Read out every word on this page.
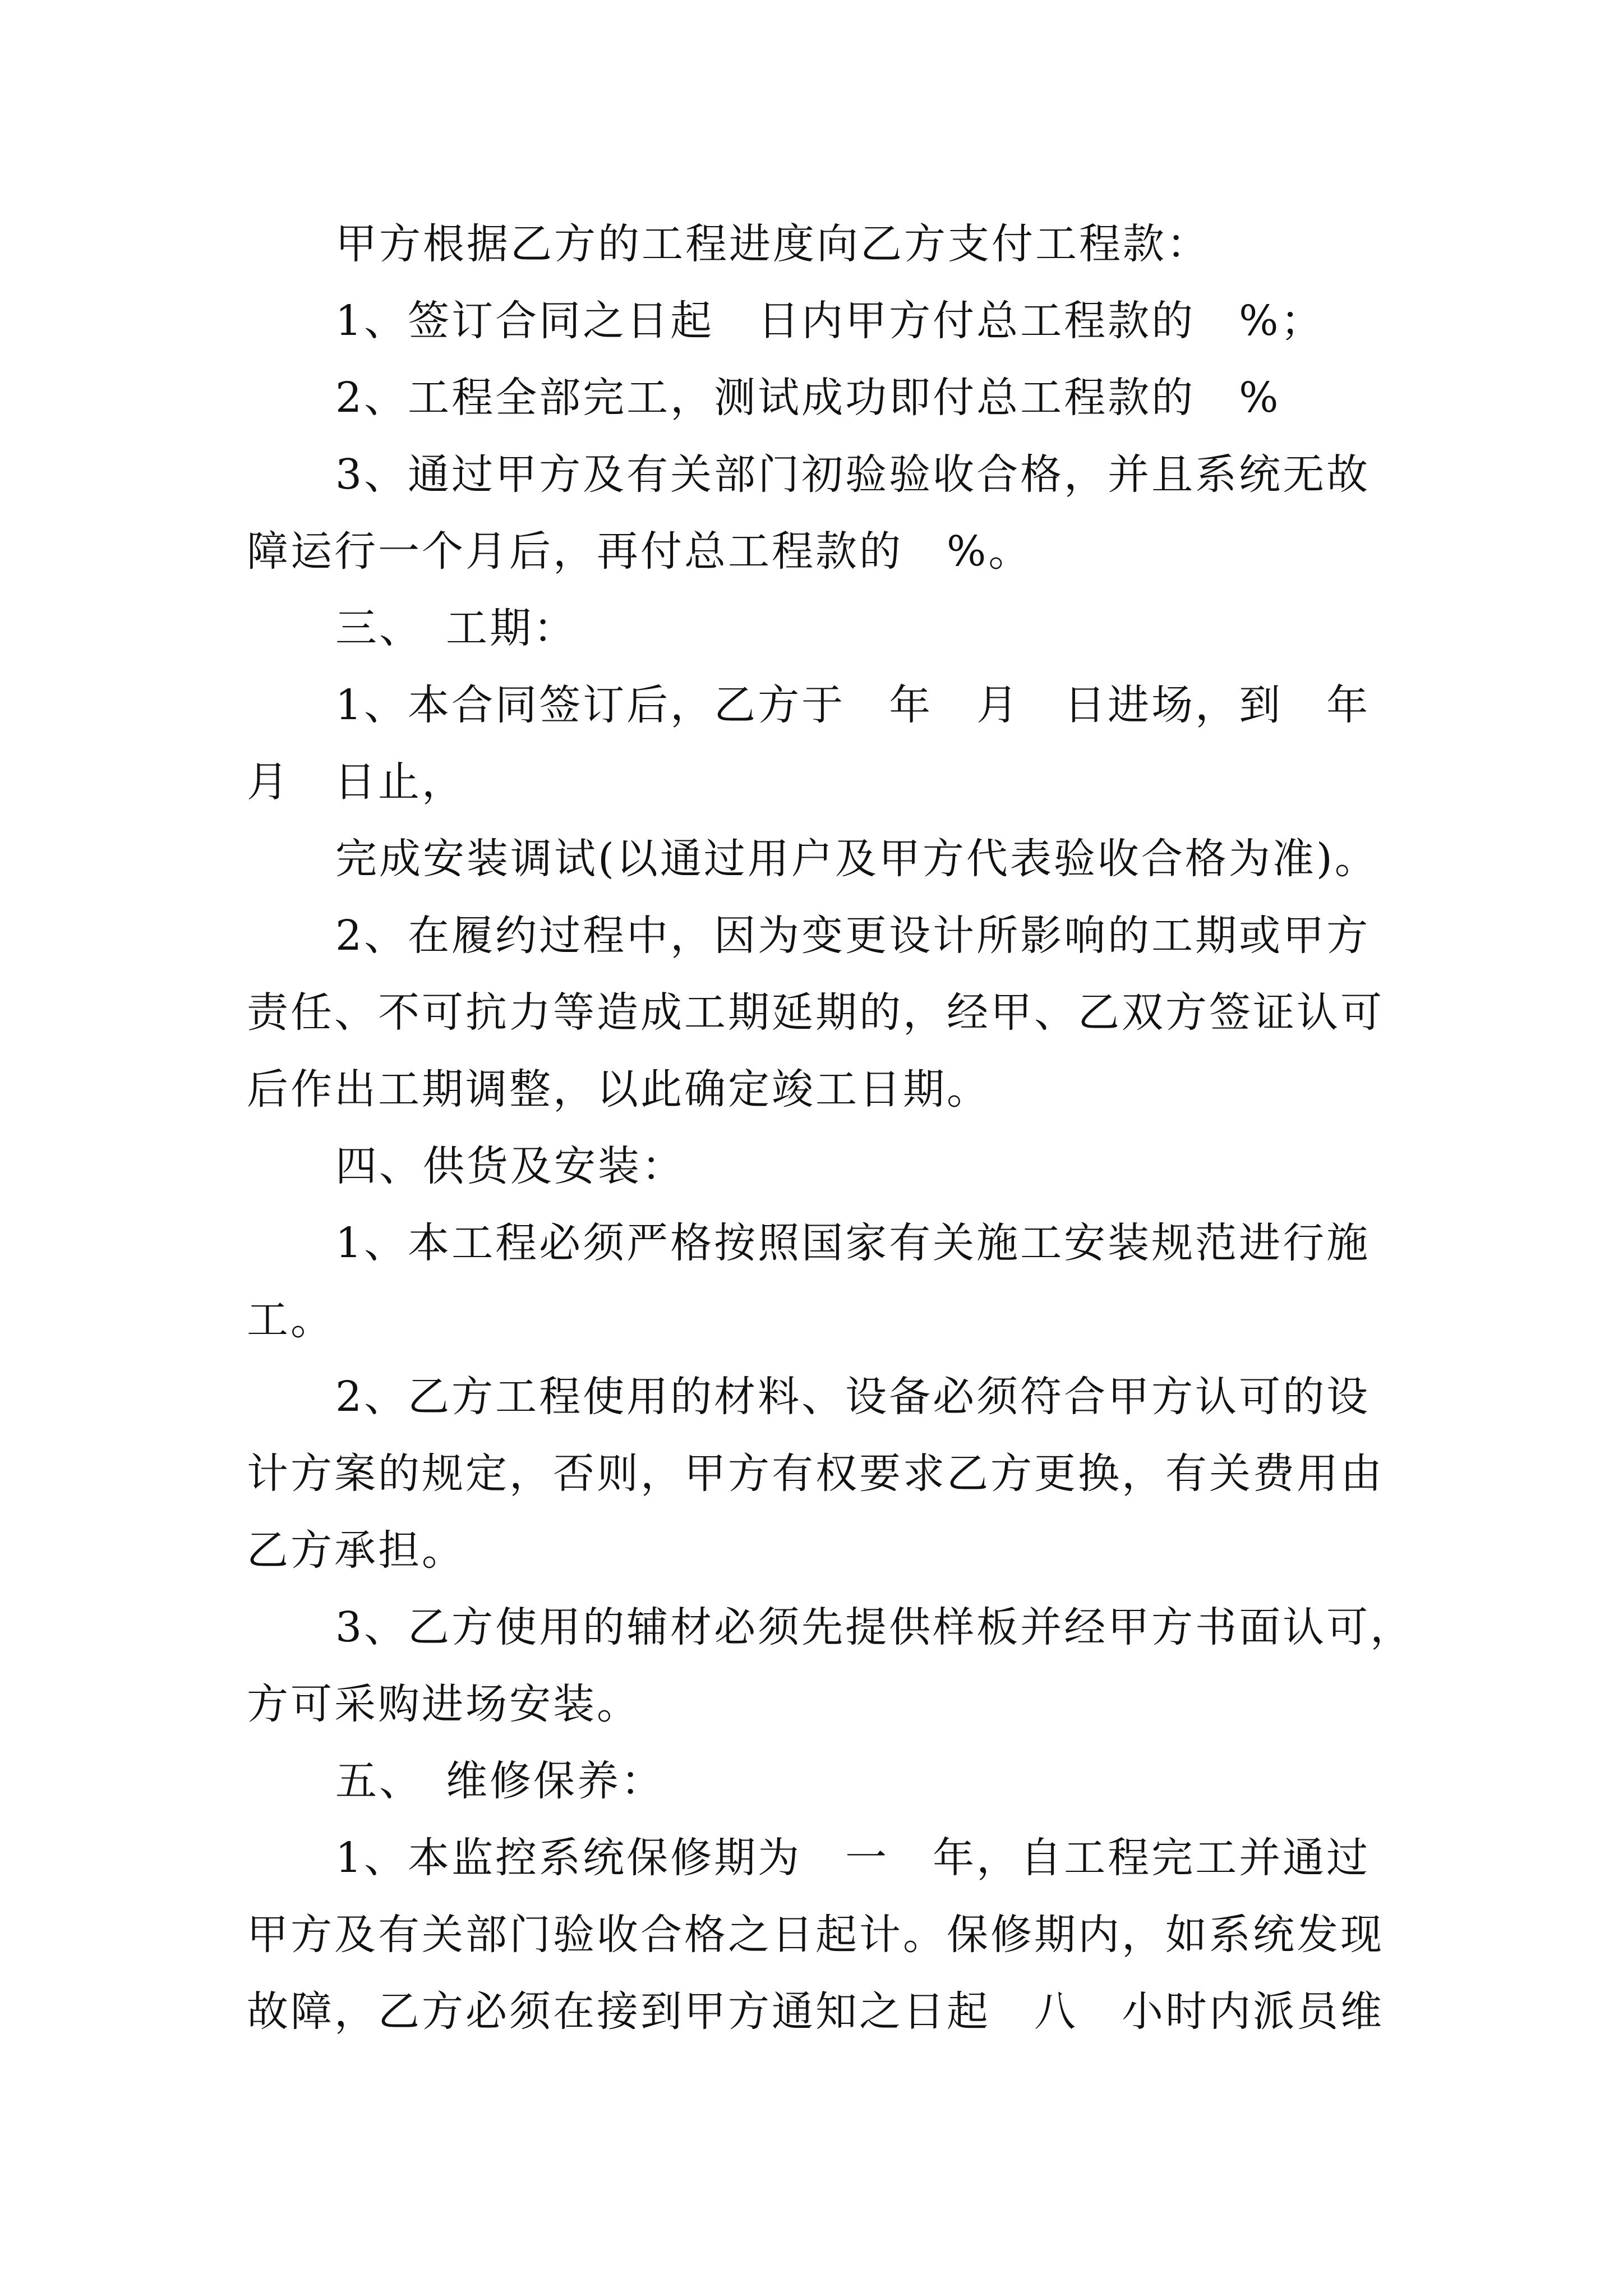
甲方根据乙方的工程进度向乙方支付工程款：
1、签订合同之日起　日内甲方付总工程款的　%；
2、工程全部完工，测试成功即付总工程款的　%
3、通过甲方及有关部门初验验收合格，并且系统无故
障运行一个月后，再付总工程款的　%。
三、　工期：
1、本合同签订后，乙方于　年　月　日进场，到　年
月　日止，
完成安装调试(以通过用户及甲方代表验收合格为准)。
2、在履约过程中，因为变更设计所影响的工期或甲方
责任、不可抗力等造成工期延期的，经甲、乙双方签证认可
后作出工期调整，以此确定竣工日期。
四、供货及安装：
1、本工程必须严格按照国家有关施工安装规范进行施
工。
2、乙方工程使用的材料、设备必须符合甲方认可的设
计方案的规定，否则，甲方有权要求乙方更换，有关费用由
乙方承担。
3、乙方使用的辅材必须先提供样板并经甲方书面认可，
方可采购进场安装。
五、　维修保养：
1、本监控系统保修期为　一　年，自工程完工并通过
甲方及有关部门验收合格之日起计。保修期内，如系统发现
故障，乙方必须在接到甲方通知之日起　八　小时内派员维
